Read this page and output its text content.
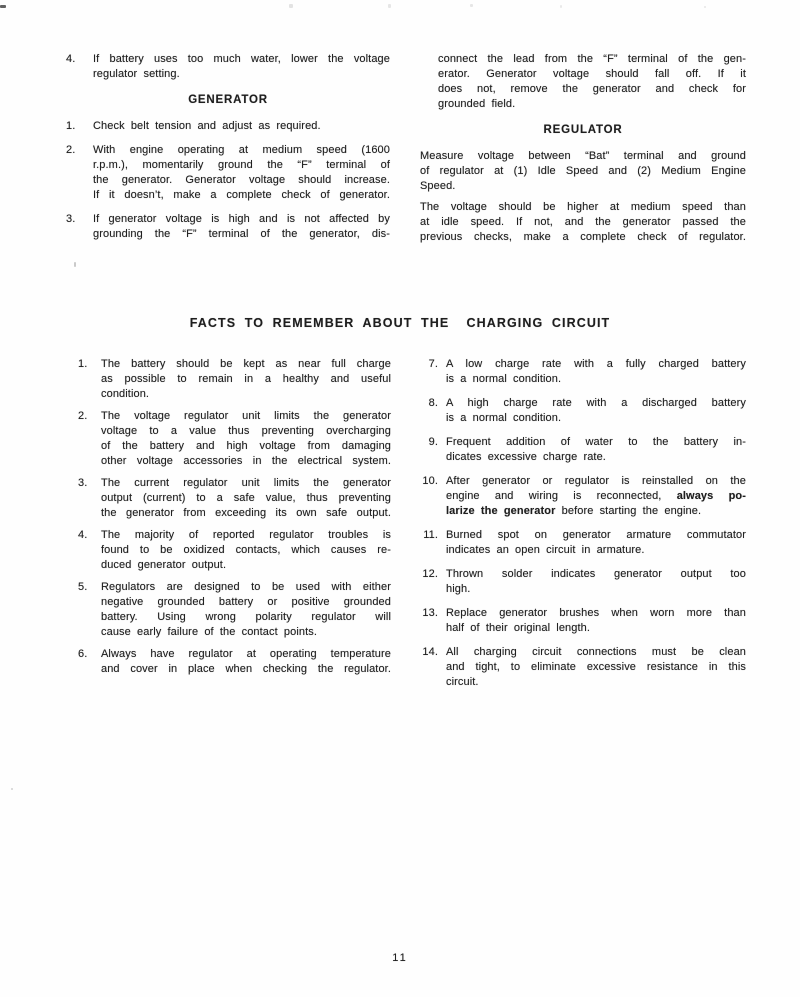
4.	If battery uses too much water, lower the voltage
regulator setting.
GENERATOR
1.	Check belt tension and adjust as required.
2.	With engine operating at medium speed (1600
r.p.m.), momentarily ground the “F” terminal of
the generator. Generator voltage should increase.
If it doesn’t, make a complete check of generator.
3.	If generator voltage is high and is not affected by
grounding the “F” terminal of the generator, dis-
connect the lead from the “F” terminal of the gen-
erator. Generator voltage should fall off. If it
does not, remove the generator and check for
grounded field.
REGULATOR
Measure voltage between “Bat” terminal and ground
of regulator at (1) Idle Speed and (2) Medium Engine
Speed.
The voltage should be higher at medium speed than
at idle speed. If not, and the generator passed the
previous checks, make a complete check of regulator.
FACTS TO REMEMBER ABOUT THE  CHARGING CIRCUIT
1.	The battery should be kept as near full charge
as possible to remain in a healthy and useful
condition.
2.	The voltage regulator unit limits the generator
voltage to a value thus preventing overcharging
of the battery and high voltage from damaging
other voltage accessories in the electrical system.
3.	The current regulator unit limits the generator
output (current) to a safe value, thus preventing
the generator from exceeding its own safe output.
4.	The majority of reported regulator troubles is
found to be oxidized contacts, which causes re-
duced generator output.
5.	Regulators are designed to be used with either
negative grounded battery or positive grounded
battery. Using wrong polarity regulator will
cause early failure of the contact points.
6.	Always have regulator at operating temperature
and cover in place when checking the regulator.
7. A low charge rate with a fully charged battery
is a normal condition.
8. A high charge rate with a discharged battery
is a normal condition.
9. Frequent addition of water to the battery in-
dicates excessive charge rate.
10. After generator or regulator is reinstalled on the
engine and wiring is reconnected, always po-
larize the generator before starting the engine.
11. Burned spot on generator armature commutator
indicates an open circuit in armature.
12. Thrown solder indicates generator output too
high.
13. Replace generator brushes when worn more than
half of their original length.
14. All charging circuit connections must be clean
and tight, to eliminate excessive resistance in this
circuit.
11
